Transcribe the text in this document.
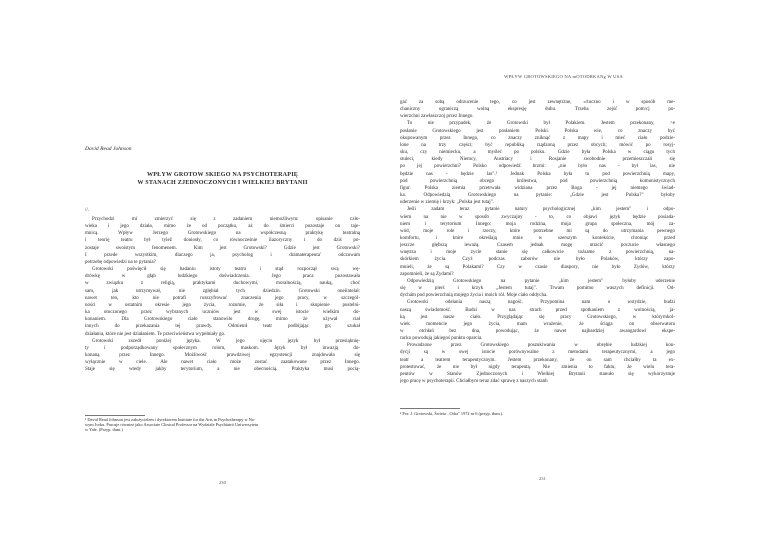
WPŁYW GROTOWSKIEGO NA mOTODRKANg W USA
David Read Johnson
WPŁYW GROTOW SKIEGO NA PSYCHOTERAPIĘ
W STANACH ZJEDNOCZONYCH I WIELKIEJ BRYTANII
//.
Przychodzi mi zmierzyć się z zadaniem niemożliwym: opisanie czło-
wieka i jego działa, mimo że od początku, aż do śmierci pozostaje on taje-
mnicą. Wpływ Jerzego Grotowskiego na współczesną praktykę teatralną
i teorię teatru był tylež doniosły, co równocześnie ilazoryczny i do dziś po-
zostaje swoistym fenomenem. Kim jest Grotowski? Gdzie jest Grotowski?
I przede wszystkim, dlaczego ja, psycholog i dramaterapeuta' odczuwam
potrzebę odpowiedzi na te pytania?
Grotowski poświęcił się badaniu istoty teatru i stąd rozpoczął swą wę-
drówkę w głąb ludzkiego doświadczenia. Jego praca pozostawała
w związku z religią, praktykami duchowymi, moralnością, nauką, choć
sam, jak utrzymywał, nie zgłębiał tych dziedzin. Grotowski oneiintelał:
nawet ten, kto nie potrafi rozszyfrować znaczenia jego pracy, w szczegól-
ności w ostatnim okresie jego życia, rozumie, że siła i skupienie pustelni-
ka otoczonego przez wybranych uczniów jest w swej istocie wielkim do-
konaniem. Dla Grotowskiego ciało stanowiło drogę, mimo że używał ciał
innych do przekazania tej prawdy. Odmienił teatr podbijając go; szukał
działania, które nie jest działaniem. Te przeciwieństwa wypełniały go.
Grotowski zszedł poniżej języka. W jego ujęciu język był przesiąknię-
ty i podporządkowany społecznym rolom, maskom. Język był inwazją do-
konaną przez Innego. Możliwość prawdziwej egzystencji znajdowała się
wyłącznie w ciele. Ale nawet ciało może zostać zaatakowane przez Innego.
Staje się wtedy jakby terytorium, a nie obecnością. Praktyka musi pocią-
gać za sobą odrzucenie tego, co jest zewnętrzne, »/tuczno i w sposób me-
chaniczny ograniczą wolną ekspresję duhu. Trzeba zejść pom/cj po-
wierzchni zawłaszczoj przez Innego.
To nie przypadek, że Grotowski był Polakiem. Jestem przekonany, >e
posłanie Grotowskiego jest posłaniem Polski. Polska wie, co znaczy być
okupowanym przez Innego, co znaczy zniknąć z mapy i mieć ciało podzie-
lone na trzy części; być republiką rządzoną przez obcych; mówić po rosyj-
sku, czy niemiecku, a myśleć po polsku. Gdzie była Polska w ciągu tych
stuleci, kiedy Niemcy, Austriacy i Rosjanie swobodnie przemieszczali się
po jej powierzchni? Polsko odpowiedź brzmi: „nie było nas - był las, nie
będzie nas - będzie las".² Jednak Polska była tu pod powierzchnią mapy,
pod powierzchnią obcego królestwa, pod powierzchnią komunistycznych
figur. Polska ziemia przetrwała widziana przez Boga - jej niemego świad-
ka. Odpowiedzią Grotowskiego na pytanie: „Gdzie jest Polska?" byłoby
uderzenie w ziemię i krzyk: „Polska jest tutaj".
Jeśli zadam teraz pytanie natury psychologicznej „kim jestem" i odpo-
wiem na nie w sposób zwyczajny - to, co objawi język będzie posiada-
niem i terytorium Innego: moja rodzina, moja grupa społeczna, mój za-
wód, moje role i rzeczy, które potrzebne mi są do utrzymania pewnego
komfortu, i które określają mnie w szerszym kontekście, chroniąc przed
jeszcze głębszą ieważą. Czasem jednak mogę utracić poczucie własnego
wnętrza i moje życie stanie się całkowicie tożsame z powierzchnią, na-
skórkiem życia. Czyż podczas zaborów nie było Polaków, którzy zapo-
mnieli, że są Polakami? Czy w czasie diaspory, nie było Żydów, którzy
zapomnieli, że są Żydami?
Odpowiedzią Grotowskiego na pytanie „kim jestem" byłoby uderzenie
się w pierś i krzyk „Jestem tutaj". Trwam pomimo waszych definicji. Od-
dychám pod powierzchnią mojego życia i moich ról. Moje ciało oddycha.
Grotowski odsłania naszą nagość. Przypomina nam o wstydzie, budzi
naszą świadomość. Budzi w nas strach przed spotkaniem z wolnością, ja-
ką jest nasze ciało. Przyglądając się pracy Grotowskiego, w któryrnkol-
wiek momencie jego życia, mam wrażenie, że ściąga on obserwatora
w otchłań bez dna, powodując, że nawet najbardziej awangardowi ekspe-
racko powodują jakiegoś punktu oparcia.
Prowadzone przez Grotowskiego poszukiwania w obrębie ludzkiej kon-
dycji są w swej istocie porównywalne z metodami terapeutycznymi, a jego
teatr a teatrem terapeutycznym. Jestem przekonany, że on sam chciałby ta ex-
protestować, że nie był nigdy terapeutą. Nie zmienia to faktu, że wielu tera-
peutów w Stanów Zjednoczonych i Wielkiej Brytanii stanuło się wykorzystuje
jego pracę w psychoterapii. Chciałbym teraz zdać sprawę z naszych stanh
¹ David Read Johnson jest założycielem i dyrektorem Institute for the Arts in Psychotherapy w No-
wym Jorku. Pracuje również jako Associate Clinical Professor na Wydziale Psychiatrii Uniwersytetu
w Yale. (Przyp. tłum.)
² Por. J. Grotowski, Świeto ..Odra" 1972 nr 6 (przyp. tłum.).
230
231
